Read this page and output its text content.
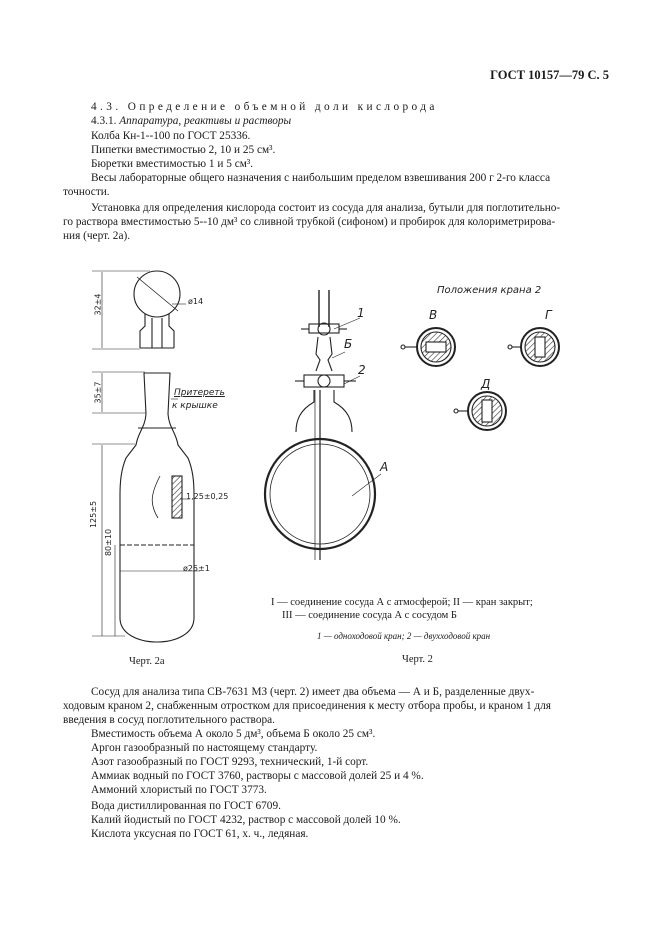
ГОСТ 10157—79 С. 5
4.3. Определение объемной доли кислорода
4.3.1. Аппаратура, реактивы и растворы
Колба Кн-1--100 по ГОСТ 25336.
Пипетки вместимостью 2, 10 и 25 см³.
Бюретки вместимостью 1 и 5 см³.
Весы лабораторные общего назначения с наибольшим пределом взвешивания 200 г 2-го класса
точности.
Установка для определения кислорода состоит из сосуда для анализа, бутыли для поглотительно-
го раствора вместимостью 5--10 дм³ со сливной трубкой (сифоном) и пробирок для колориметрирова-
ния (черт. 2а).
32±4	ø14
35±7	Притереть
к крышке
125±5
80±10
1,25±0,25
ø25±1
Черт. 2а
Положения крана 2
В	Г
Д
1
Б
2
А
I — соединение сосуда А с атмосферой; II — кран закрыт;
III — соединение сосуда А с сосудом Б
1 — одноходовой кран; 2 — двухходовой кран
Черт. 2
Сосуд для анализа типа СВ-7631 МЗ (черт. 2) имеет два объема — А и Б, разделенные двух-
ходовым краном 2, снабженным отростком для присоединения к месту отбора пробы, и краном 1 для
введения в сосуд поглотительного раствора.
Вместимость объема А около 5 дм³, объема Б около 25 см³.
Аргон газообразный по настоящему стандарту.
Азот газообразный по ГОСТ 9293, технический, 1-й сорт.
Аммиак водный по ГОСТ 3760, растворы с массовой долей 25 и 4 %.
Аммоний хлористый по ГОСТ 3773.
Вода дистиллированная по ГОСТ 6709.
Калий йодистый по ГОСТ 4232, раствор с массовой долей 10 %.
Кислота уксусная по ГОСТ 61, х. ч., ледяная.
